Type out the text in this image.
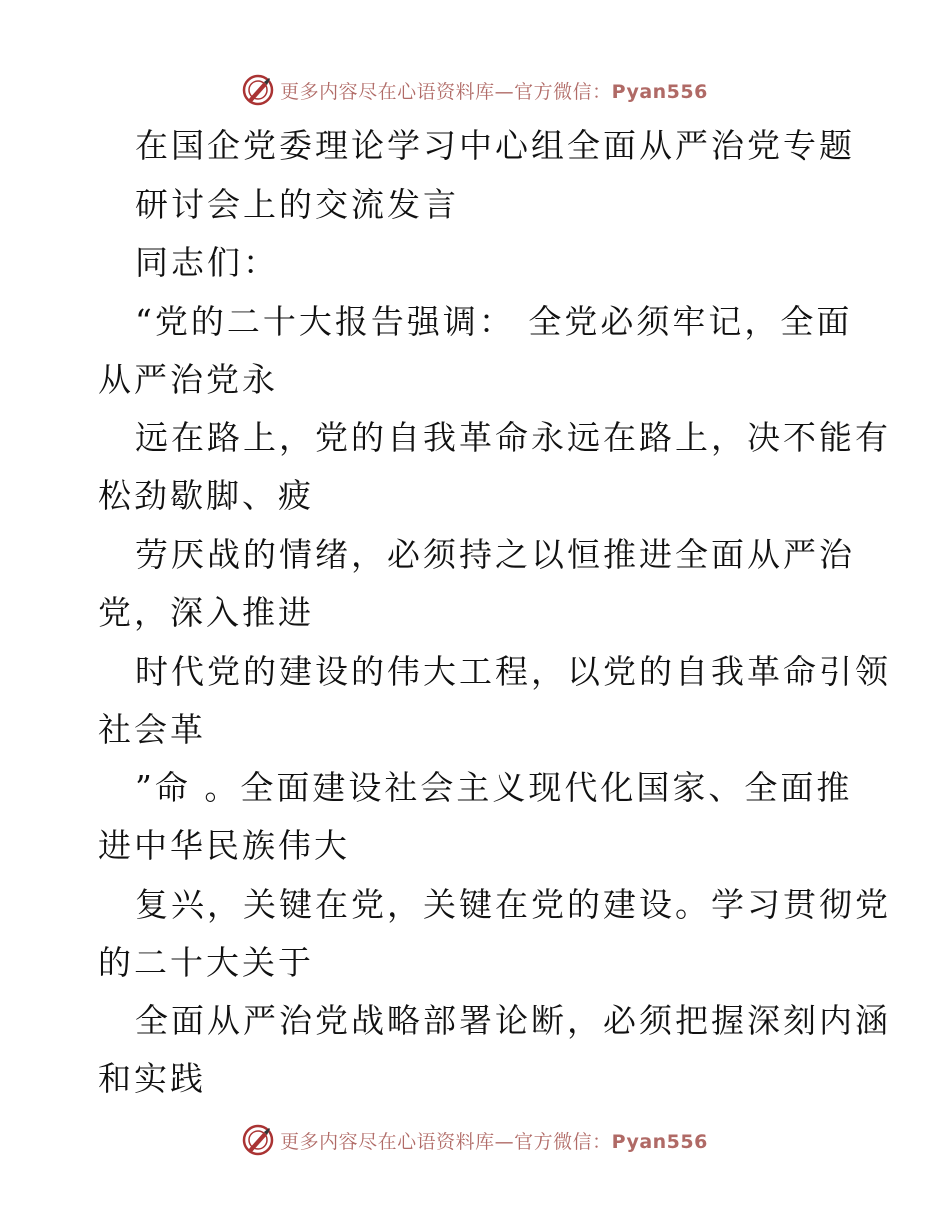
更多内容尽在心语资料库—官方微信：Pyan556

在国企党委理论学习中心组全面从严治党专题

研讨会上的交流发言

同志们：

“党的二十大报告强调： 全党必须牢记，全面

从严治党永

远在路上，党的自我革命永远在路上，决不能有

松劲歇脚、疲

劳厌战的情绪，必须持之以恒推进全面从严治

党，深入推进

时代党的建设的伟大工程，以党的自我革命引领

社会革

”命 。全面建设社会主义现代化国家、全面推

进中华民族伟大

复兴，关键在党，关键在党的建设。学习贯彻党

的二十大关于

全面从严治党战略部署论断，必须把握深刻内涵

和实践

更多内容尽在心语资料库—官方微信：Pyan556
